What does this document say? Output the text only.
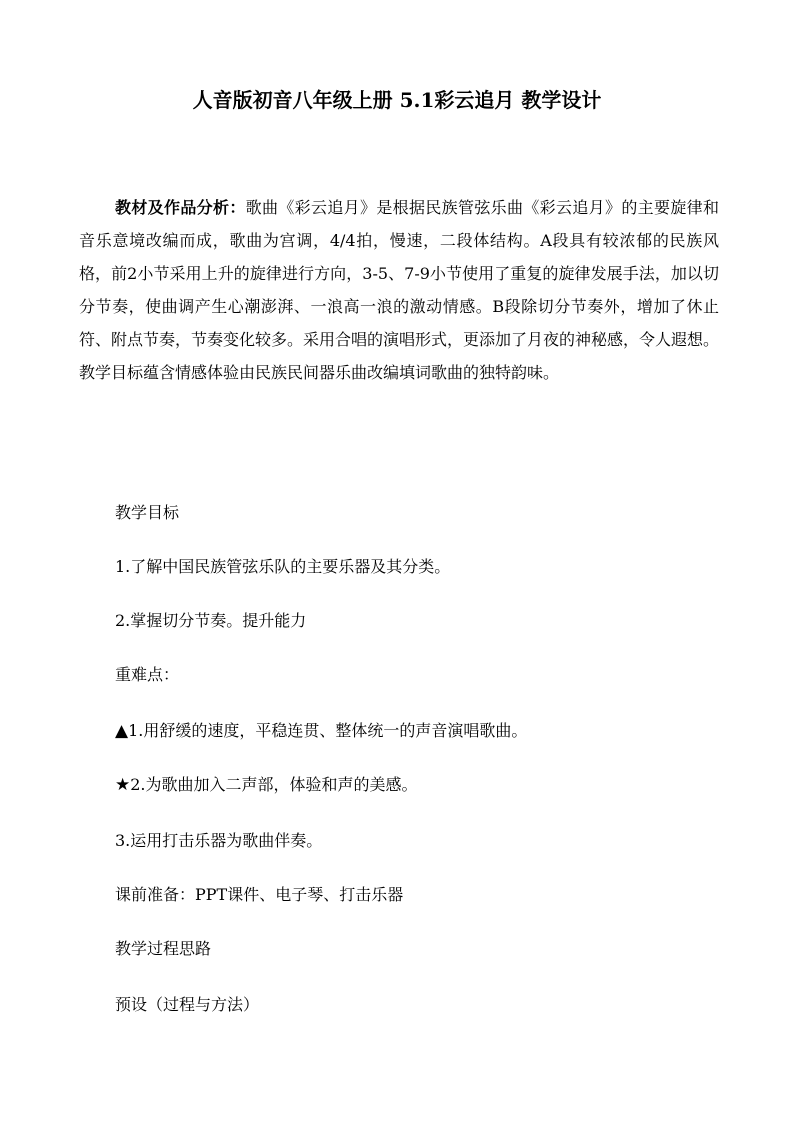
人音版初音八年级上册 5.1彩云追月 教学设计
教材及作品分析：歌曲《彩云追月》是根据民族管弦乐曲《彩云追月》的主要旋律和音乐意境改编而成，歌曲为宫调，4/4拍，慢速，二段体结构。A段具有较浓郁的民族风格，前2小节采用上升的旋律进行方向，3-5、7-9小节使用了重复的旋律发展手法，加以切分节奏，使曲调产生心潮澎湃、一浪高一浪的激动情感。B段除切分节奏外，增加了休止符、附点节奏，节奏变化较多。采用合唱的演唱形式，更添加了月夜的神秘感，令人遐想。教学目标蕴含情感体验由民族民间器乐曲改编填词歌曲的独特韵味。
教学目标
1.了解中国民族管弦乐队的主要乐器及其分类。
2.掌握切分节奏。提升能力
重难点：
▲1.用舒缓的速度，平稳连贯、整体统一的声音演唱歌曲。
★2.为歌曲加入二声部，体验和声的美感。
3.运用打击乐器为歌曲伴奏。
课前准备：PPT课件、电子琴、打击乐器
教学过程思路
预设（过程与方法）
